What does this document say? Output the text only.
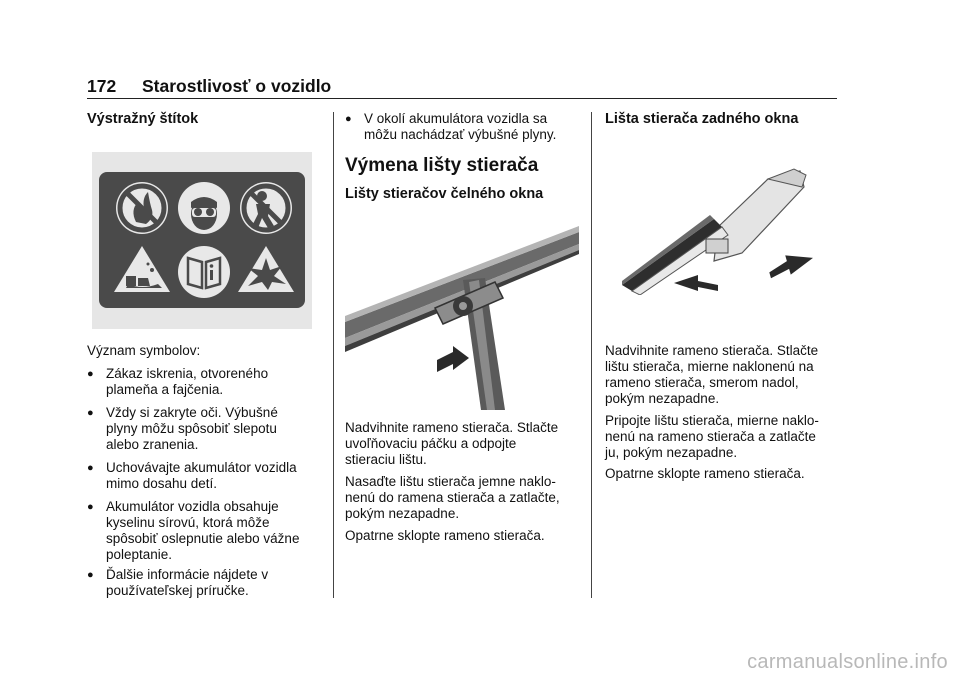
172 Starostlivosť o vozidlo
Výstražný štítok

Význam symbolov:

● Zákaz iskrenia, otvoreného
plameňa a fajčenia.
● Vždy si zakryte oči. Výbušné
plyny môžu spôsobiť slepotu
alebo zranenia.
● Uchovávajte akumulátor vozidla
mimo dosahu detí.
● Akumulátor vozidla obsahuje
kyselinu sírovú, ktorá môže
spôsobiť oslepnutie alebo vážne
poleptanie.
● Ďalšie informácie nájdete v
používateľskej príručke.
● V okolí akumulátora vozidla sa
môžu nachádzať výbušné plyny.
Výmena lišty stierača
Lišty stieračov čelného okna
Nadvihnite rameno stierača. Stlačte
uvoľňovaciu páčku a odpojte
stieraciu lištu.
Nasaďte lištu stierača jemne naklo-
nenú do ramena stierača a zatlačte,
pokým nezapadne.

Opatrne sklopte rameno stierača.

Lišta stierača zadného okna
Nadvihnite rameno stierača. Stlačte
lištu stierača, mierne naklonenú na
rameno stierača, smerom nadol,
pokým nezapadne.
Pripojte lištu stierača, mierne naklo-
nenú na rameno stierača a zatlačte
ju, pokým nezapadne.

Opatrne sklopte rameno stierača.

carmanualsonline.info
